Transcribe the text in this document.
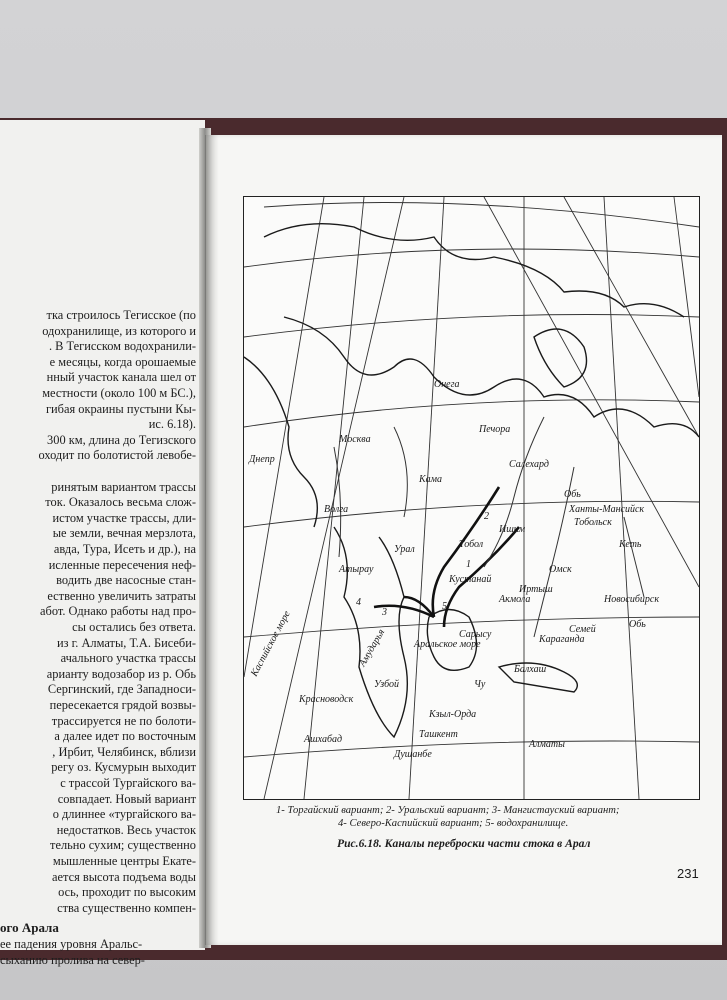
тка строилось Тегисское (по
одохранилище, из которого и
. В Тегисском водохранили-
е месяцы, когда орошаемые
нный участок канала шел от
местности (около 100 м БС.),
гибая окраины пустыни Кы-
ис. 6.18).
300 км, длина до Тегизского
оходит по болотистой левобе-
ринятым вариантом трассы
ток. Оказалось весьма слож-
истом участке трассы, дли-
ые земли, вечная мерзлота,
авда, Тура, Исеть и др.), на
исленные пересечения неф-
водить две насосные стан-
ественно увеличить затраты
абот. Однако работы над про-
сы остались без ответа.
из г. Алматы, Т.А. Бисеби-
ачального участка трассы
арианту водозабор из р. Обь
Сергинский, где Западноси-
пересекается грядой возвы-
трассируется не по болоти-
а далее идет по восточным
, Ирбит, Челябинск, вблизи
регу оз. Кусмурын выходит
с трассой Тургайского ва-
совпадает. Новый вариант
о длиннее «тургайского ва-
недостатков. Весь участок
тельно сухим; существенно
мышленные центры Екате-
ается высота подъема воды
ось, проходит по высоким
ства существенно компен-
ого Арала
ее падения уровня Аральс-
сыханию пролива на север-
Москва
Волга
Днепр
Онега
Печора
Салехард
Обь
Ханты-Мансийск
Тобольск
Кеть
Новосибирск
Обь
Кама
Урал	Тобол
Ишим
Омск
Иртыш
Кустанай
Акмола
Атырау
Каспийское море	Сарысу	Караганда
Семей
Балхаш
Аральское море
Кзыл-Орда
Чу
Амударья
Красноводск
Ашхабад
Душанбе
Алматы
Ташкент
Узбой
1
2
3
4	5
1- Торгайский вариант; 2- Уральский вариант; 3- Мангистауский вариант;
4- Северо-Каспийский вариант; 5- водохранилище.
Рис.6.18. Каналы переброски части стока в Арал
231
